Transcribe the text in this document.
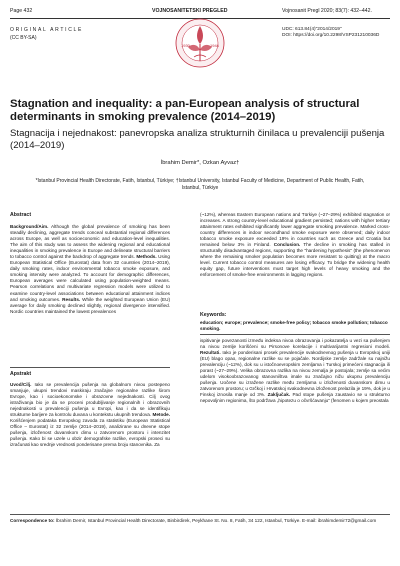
Page 432	VOJNOSANITETSKI PREGLED	Vojnosanit Pregl 2020; 83(7): 432–442.
ORIGINAL ARTICLE
(CC BY-SA)
UDC: 613.84(4)"2014/2019"
DOI: https://doi.org/10.2298/VSP231210036D
1930	1944
Stagnation and inequality: a pan-European analysis of structural determinants in smoking prevalence (2014–2019)
Stagnacija i nejednakost: panevropska analiza strukturnih činilaca u prevalenciji pušenja (2014–2019)
İbrahim Demir*, Ozkan Ayvaz†
*Istanbul Provincial Health Directorate, Fatih, Istanbul, Türkiye; †Istanbul University, Istanbul Faculty of Medicine, Department of Public Health, Fatih, Istanbul, Türkiye
Abstract
Background/Aim. Although the global prevalence of smoking has been steadily declining, aggregate trends conceal substantial regional differences across Europe, as well as socioeconomic and education-level inequalities. The aim of this study was to assess the widening regional and educational inequalities in smoking prevalence in Europe and delineate structural barriers to tobacco control against the backdrop of aggregate trends. Methods. Using European Statistical Office (Eurostat) data from 32 countries (2014–2019), daily smoking rates, indoor environmental tobacco smoke exposure, and smoking intensity were analyzed. To account for demographic differences, European averages were calculated using population-weighted means. Pearson correlations and multivariate regression models were utilized to examine country-level associations between educational attainment indices and smoking outcomes. Results. While the weighted European Union (EU) average for daily smoking declined slightly, regional divergence intensified. Nordic countries maintained the lowest prevalences
(~12%), whereas Eastern European nations and Türkiye (~27–29%) exhibited stagnation or increases. A strong country-level educational gradient persisted; nations with higher tertiary attainment rates exhibited significantly lower aggregate smoking prevalence. Marked cross-country differences in indoor secondhand smoke exposure were observed; daily indoor tobacco smoke exposure exceeded 19% in countries such as Greece and Croatia but remained below 3% in Finland. Conclusion. The decline in smoking has stalled in structurally disadvantaged regions, supporting the "hardening hypothesis" (the phenomenon where the remaining smoker population becomes more resistant to quitting) at the macro level. Current tobacco control measures are losing efficacy. To bridge the widening health equity gap, future interventions must target high levels of heavy smoking and the enforcement of smoke-free environments in lagging regions.
Keywords:
education; europe; prevalence; smoke-free policy; tobacco smoke pollution; tobacco smoking.
Apstrakt
Uvod/Cilj. Iako se prevalencija pušenja na globalnom nivou postepeno smanjuje, ukupni trendovi maskiraju značajne regionalne razlike širom Evrope, kao i socioekonomske i obrazovne nejednakosti. Cilj ovog istraživanja bio je da se proceni produbljivanje regionalnih i obrazovnih nejednakosti u prevalenciji pušenja u Evropi, kao i da se identifikuju strukturne barijere za kontrolu duvana u kontekstu ukupnih trendova. Metode. Korišćenjem podataka Evropskog zavoda za statistiku (European Statistical Office – Eurostat) iz 32 zemlje (2014–2019), analizirane su dnevne stope pušenja, izloženost duvanskom dimu u zatvorenom prostoru i intenzitet pušenja. Kako bi se uzele u obzir demografske razlike, evropski proseci su izračunati kao srednje vrednosti ponderisane prema broju stanovnika. Za
ispitivanje povezanosti između indeksa nivoa obrazovanja i pokazatelja u vezi sa pušenjem na nivou zemlje korišćeni su Pirsonove korelacije i multivarijantni regresioni modeli. Rezultati. Iako je ponderisani prosek prevalencije svakodnevnog pušenja u Evropskoj uniji (EU) blago opao, regionalne razlike su se pojačale. Nordijske zemlje zadržale su najnižu prevalenciju (~12%), dok su u istočnoevropskim zemljama i Turskoj primećeni stagnacija ili porast (~27–29%). Velika obrazovna razlika na nivou zemalja je postojala; zemlje sa većim udelom visokoobrazovanog stanovništva imale su značajno nižu ukupnu prevalenciju pušenja. Uočene su izražene razlike među zemljama u izloženosti duvanskom dimu u zatvorenom prostoru; u Grčkoj i Hrvatskoj svakodnevna izloženost prelazila je 19%, dok je u Finskoj iznosila manje od 3%. Zaključak. Pad stope pušenja zaustavio se u strukturno nepovoljnim regionima, što podržava „hipotezu o očvršćavanju“ (fenomen u kojem preostala
Correspondence to: İbrahim Demir, Istanbul Provincial Health Directorate, Binbirdirek, Peykhane St. No. 8, Fatih, 34 122, Istanbul, Türkiye. E-mail: ibrahimdemir72@gmail.com
